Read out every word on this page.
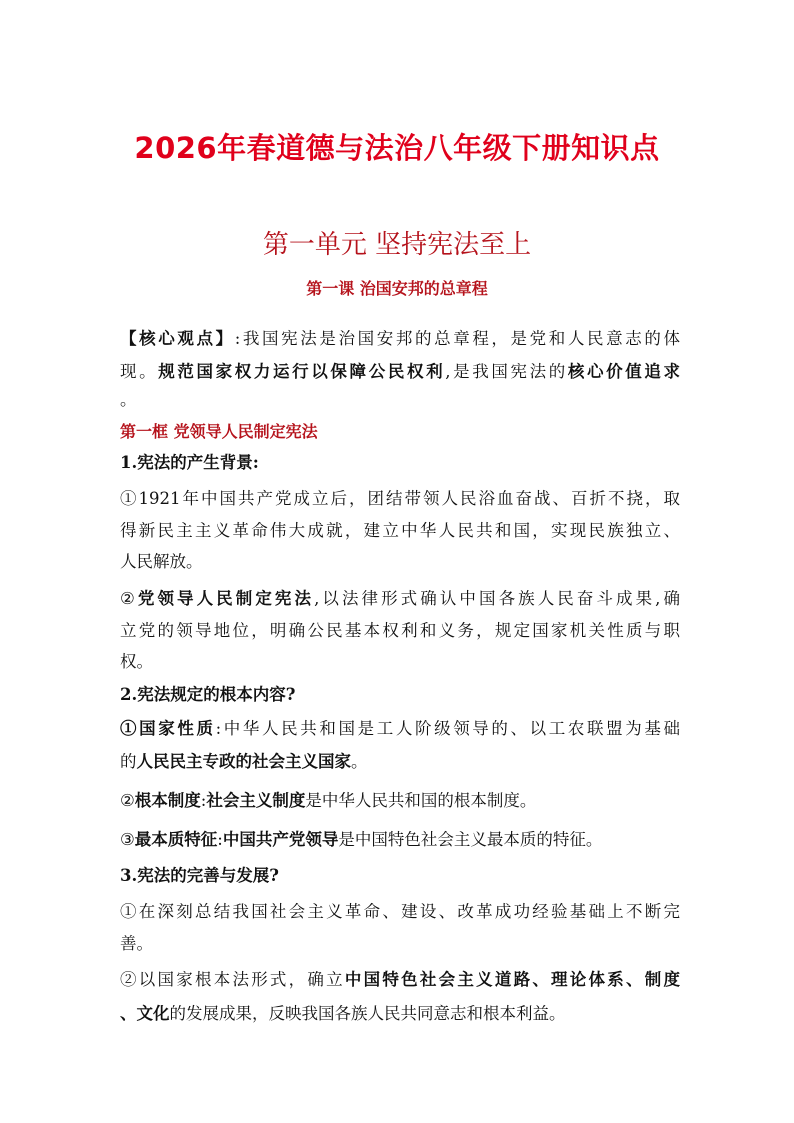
2026年春道德与法治八年级下册知识点
第一单元 坚持宪法至上
第一课 治国安邦的总章程
【核心观点】:我国宪法是治国安邦的总章程，是党和人民意志的体
现。规范国家权力运行以保障公民权利,是我国宪法的核心价值追求
。
第一框 党领导人民制定宪法
1.宪法的产生背景:
①1921年中国共产党成立后，团结带领人民浴血奋战、百折不挠，取
得新民主主义革命伟大成就，建立中华人民共和国，实现民族独立、
人民解放。
②党领导人民制定宪法,以法律形式确认中国各族人民奋斗成果,确
立党的领导地位，明确公民基本权利和义务，规定国家机关性质与职
权。
2.宪法规定的根本内容?
①国家性质:中华人民共和国是工人阶级领导的、以工农联盟为基础
的人民民主专政的社会主义国家。
②根本制度:社会主义制度是中华人民共和国的根本制度。
③最本质特征:中国共产党领导是中国特色社会主义最本质的特征。
3.宪法的完善与发展?
①在深刻总结我国社会主义革命、建设、改革成功经验基础上不断完
善。
②以国家根本法形式，确立中国特色社会主义道路、理论体系、制度
、文化的发展成果，反映我国各族人民共同意志和根本利益。
